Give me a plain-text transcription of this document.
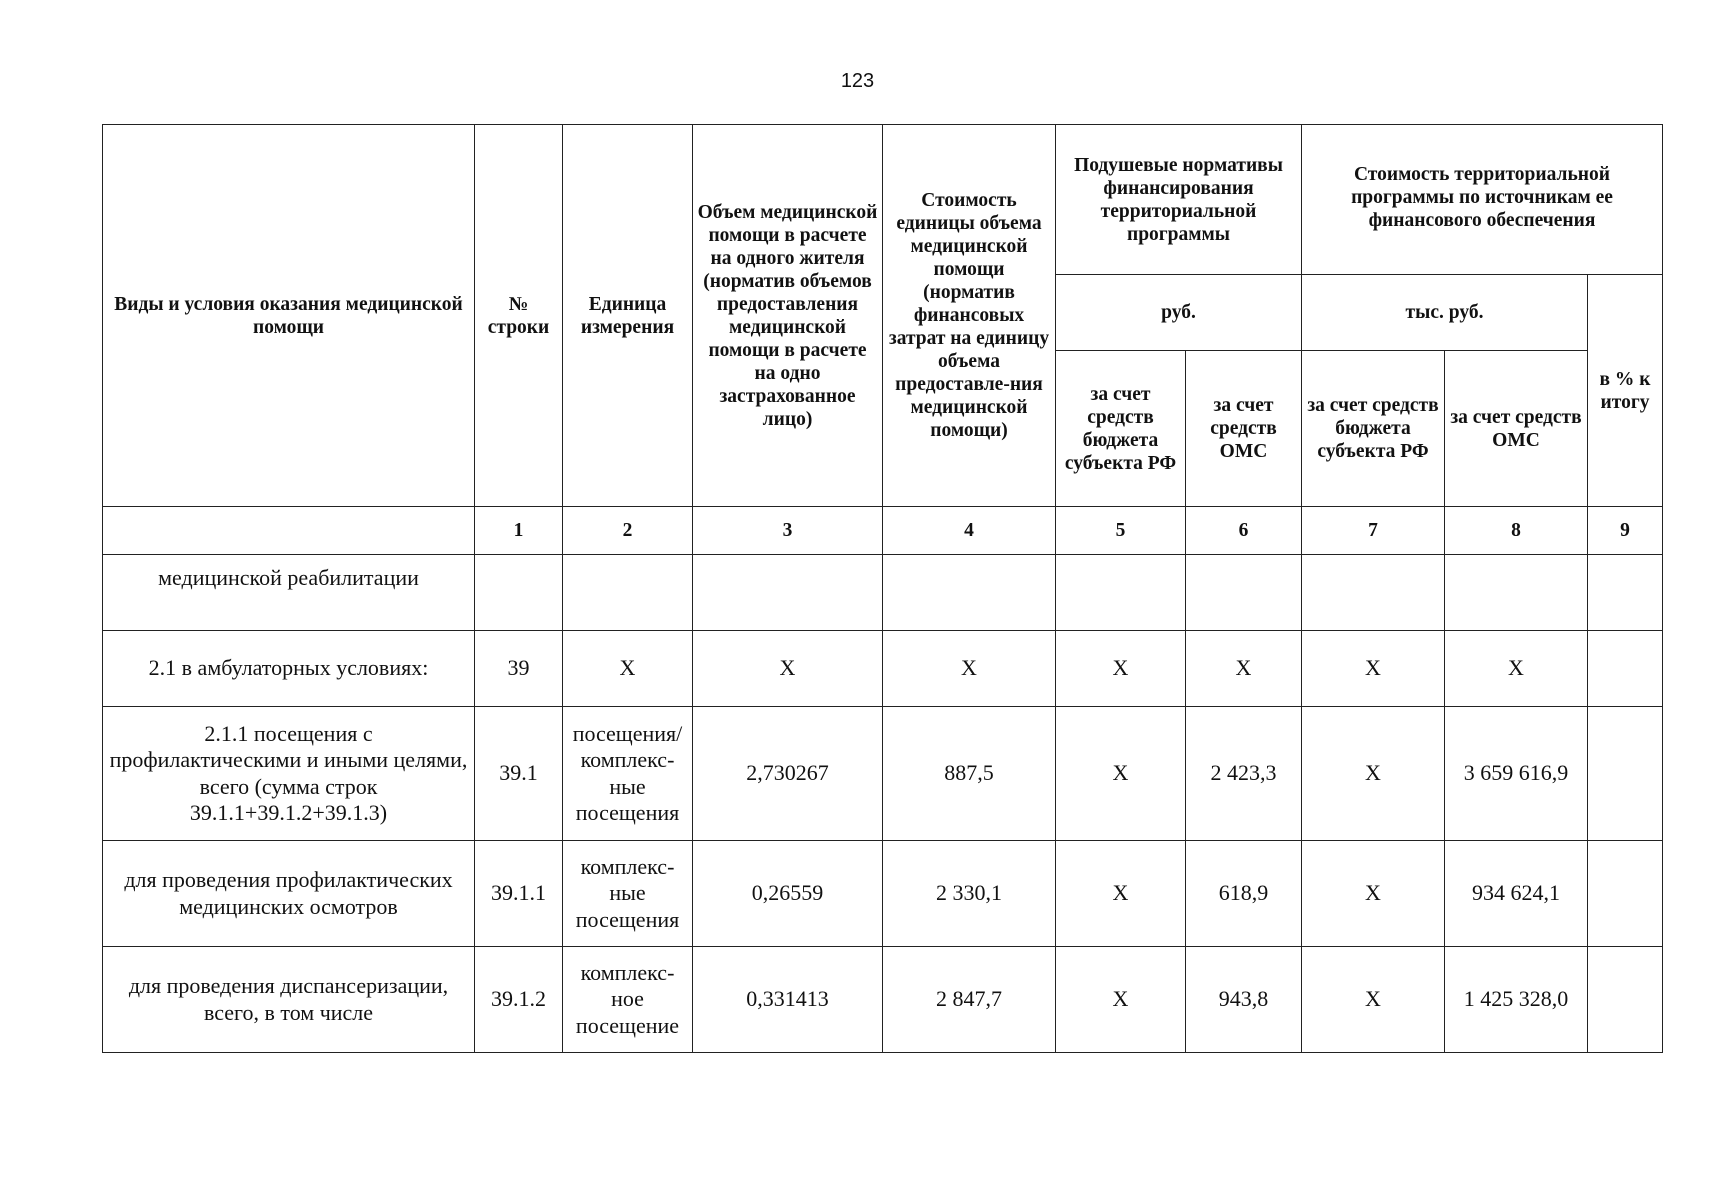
123
Виды и условия оказания медицинской помощи	№ строки	Единица измерения	Объем медицинской помощи в расчете на одного жителя (норматив объемов предоставления медицинской помощи в расчете на одно застрахованное лицо)	Стоимость единицы объема медицинской помощи (норматив финансовых затрат на единицу объема предоставле-ния медицинской помощи)	Подушевые нормативы финансирования территориальной программы		Стоимость территориальной программы по источникам ее финансового обеспечения		
					руб.		тыс. руб.		в % к итогу
					за счет средств бюджета субъекта РФ	за счет средств ОМС	за счет средств бюджета субъекта РФ	за счет средств ОМС	
	1	2	3	4	5	6	7	8	9
медицинской реабилитации									
2.1 в амбулаторных условиях:	39	X	X	X	X	X	X	X	
2.1.1 посещения с профилактическими и иными целями, всего (сумма строк 39.1.1+39.1.2+39.1.3)	39.1	посещения/ комплекс-ные посещения	2,730267	887,5	X	2 423,3	X	3 659 616,9	
для проведения профилактических медицинских осмотров	39.1.1	комплекс-ные посещения	0,26559	2 330,1	X	618,9	X	934 624,1	
для проведения диспансеризации, всего, в том числе	39.1.2	комплекс-ное посещение	0,331413	2 847,7	X	943,8	X	1 425 328,0	
